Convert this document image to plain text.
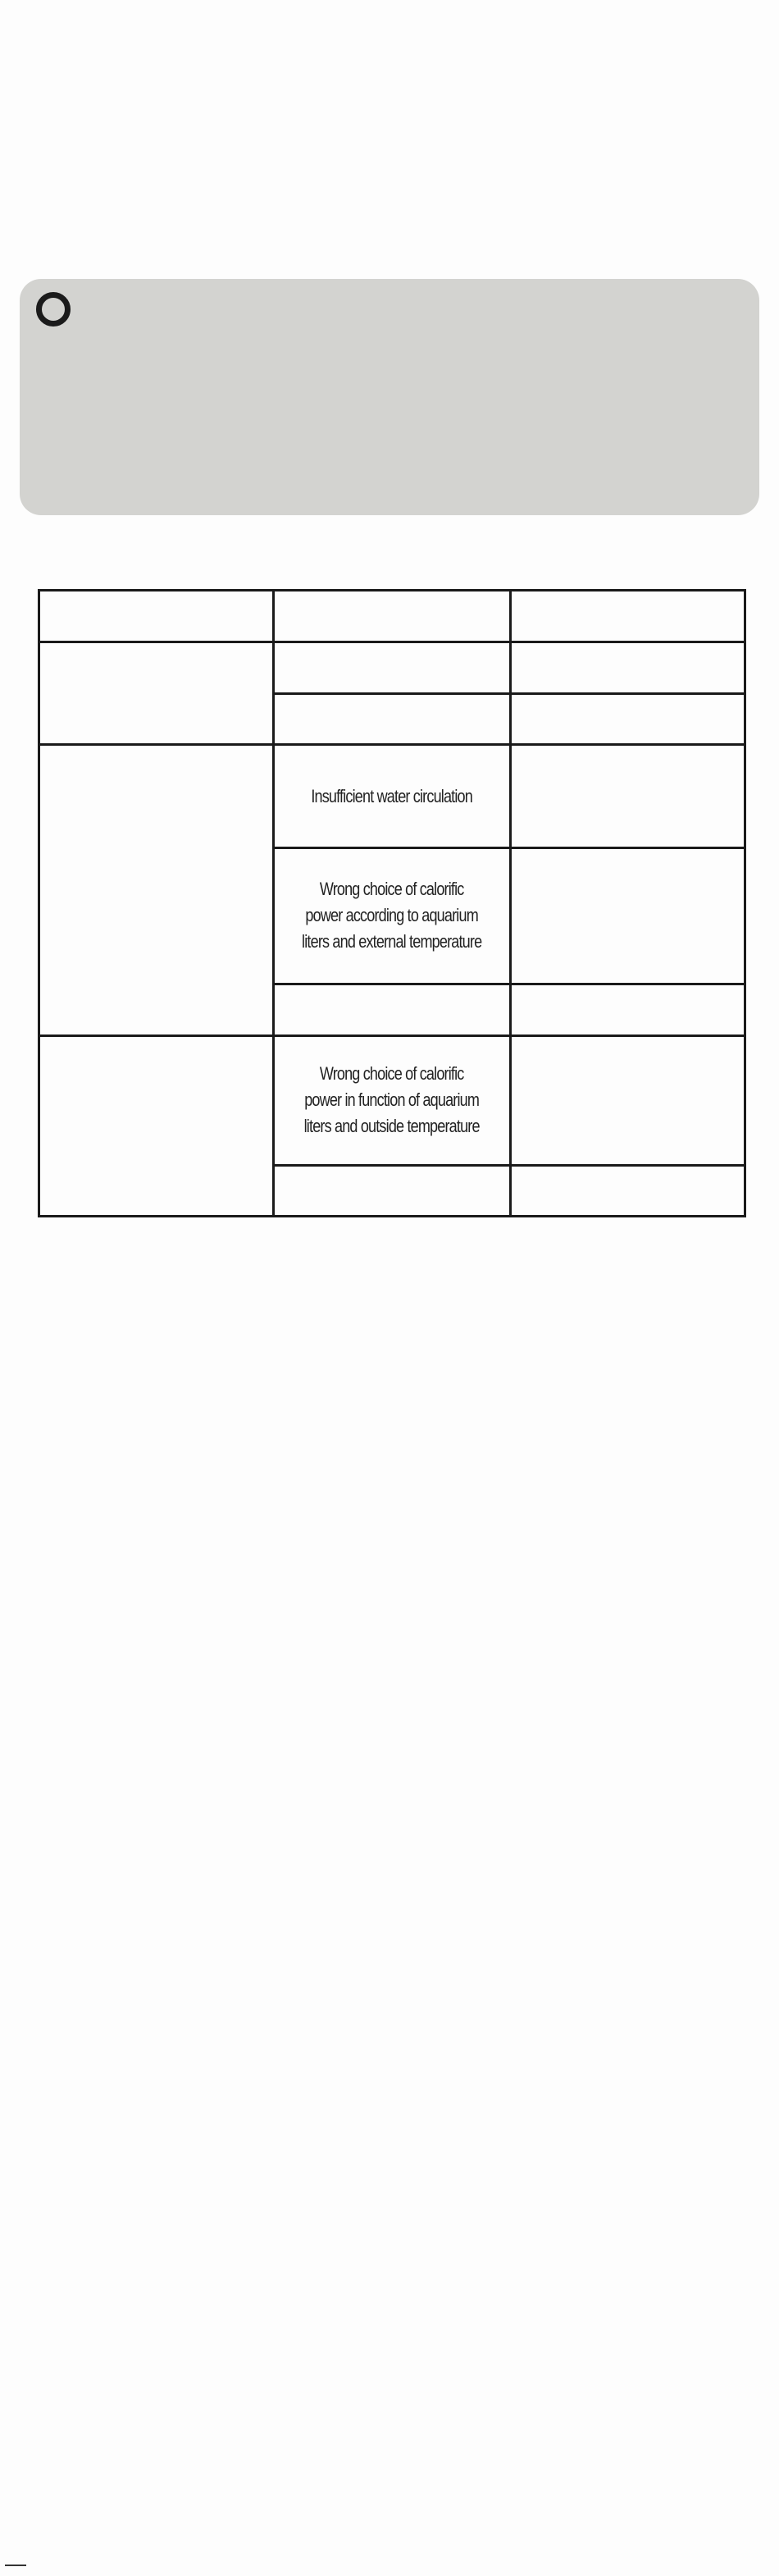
	Insufficient water circulation	

	Wrong choice of calorific power according to aquarium liters and external temperature	

	Wrong choice of calorific power in function of aquarium liters and outside temperature	
